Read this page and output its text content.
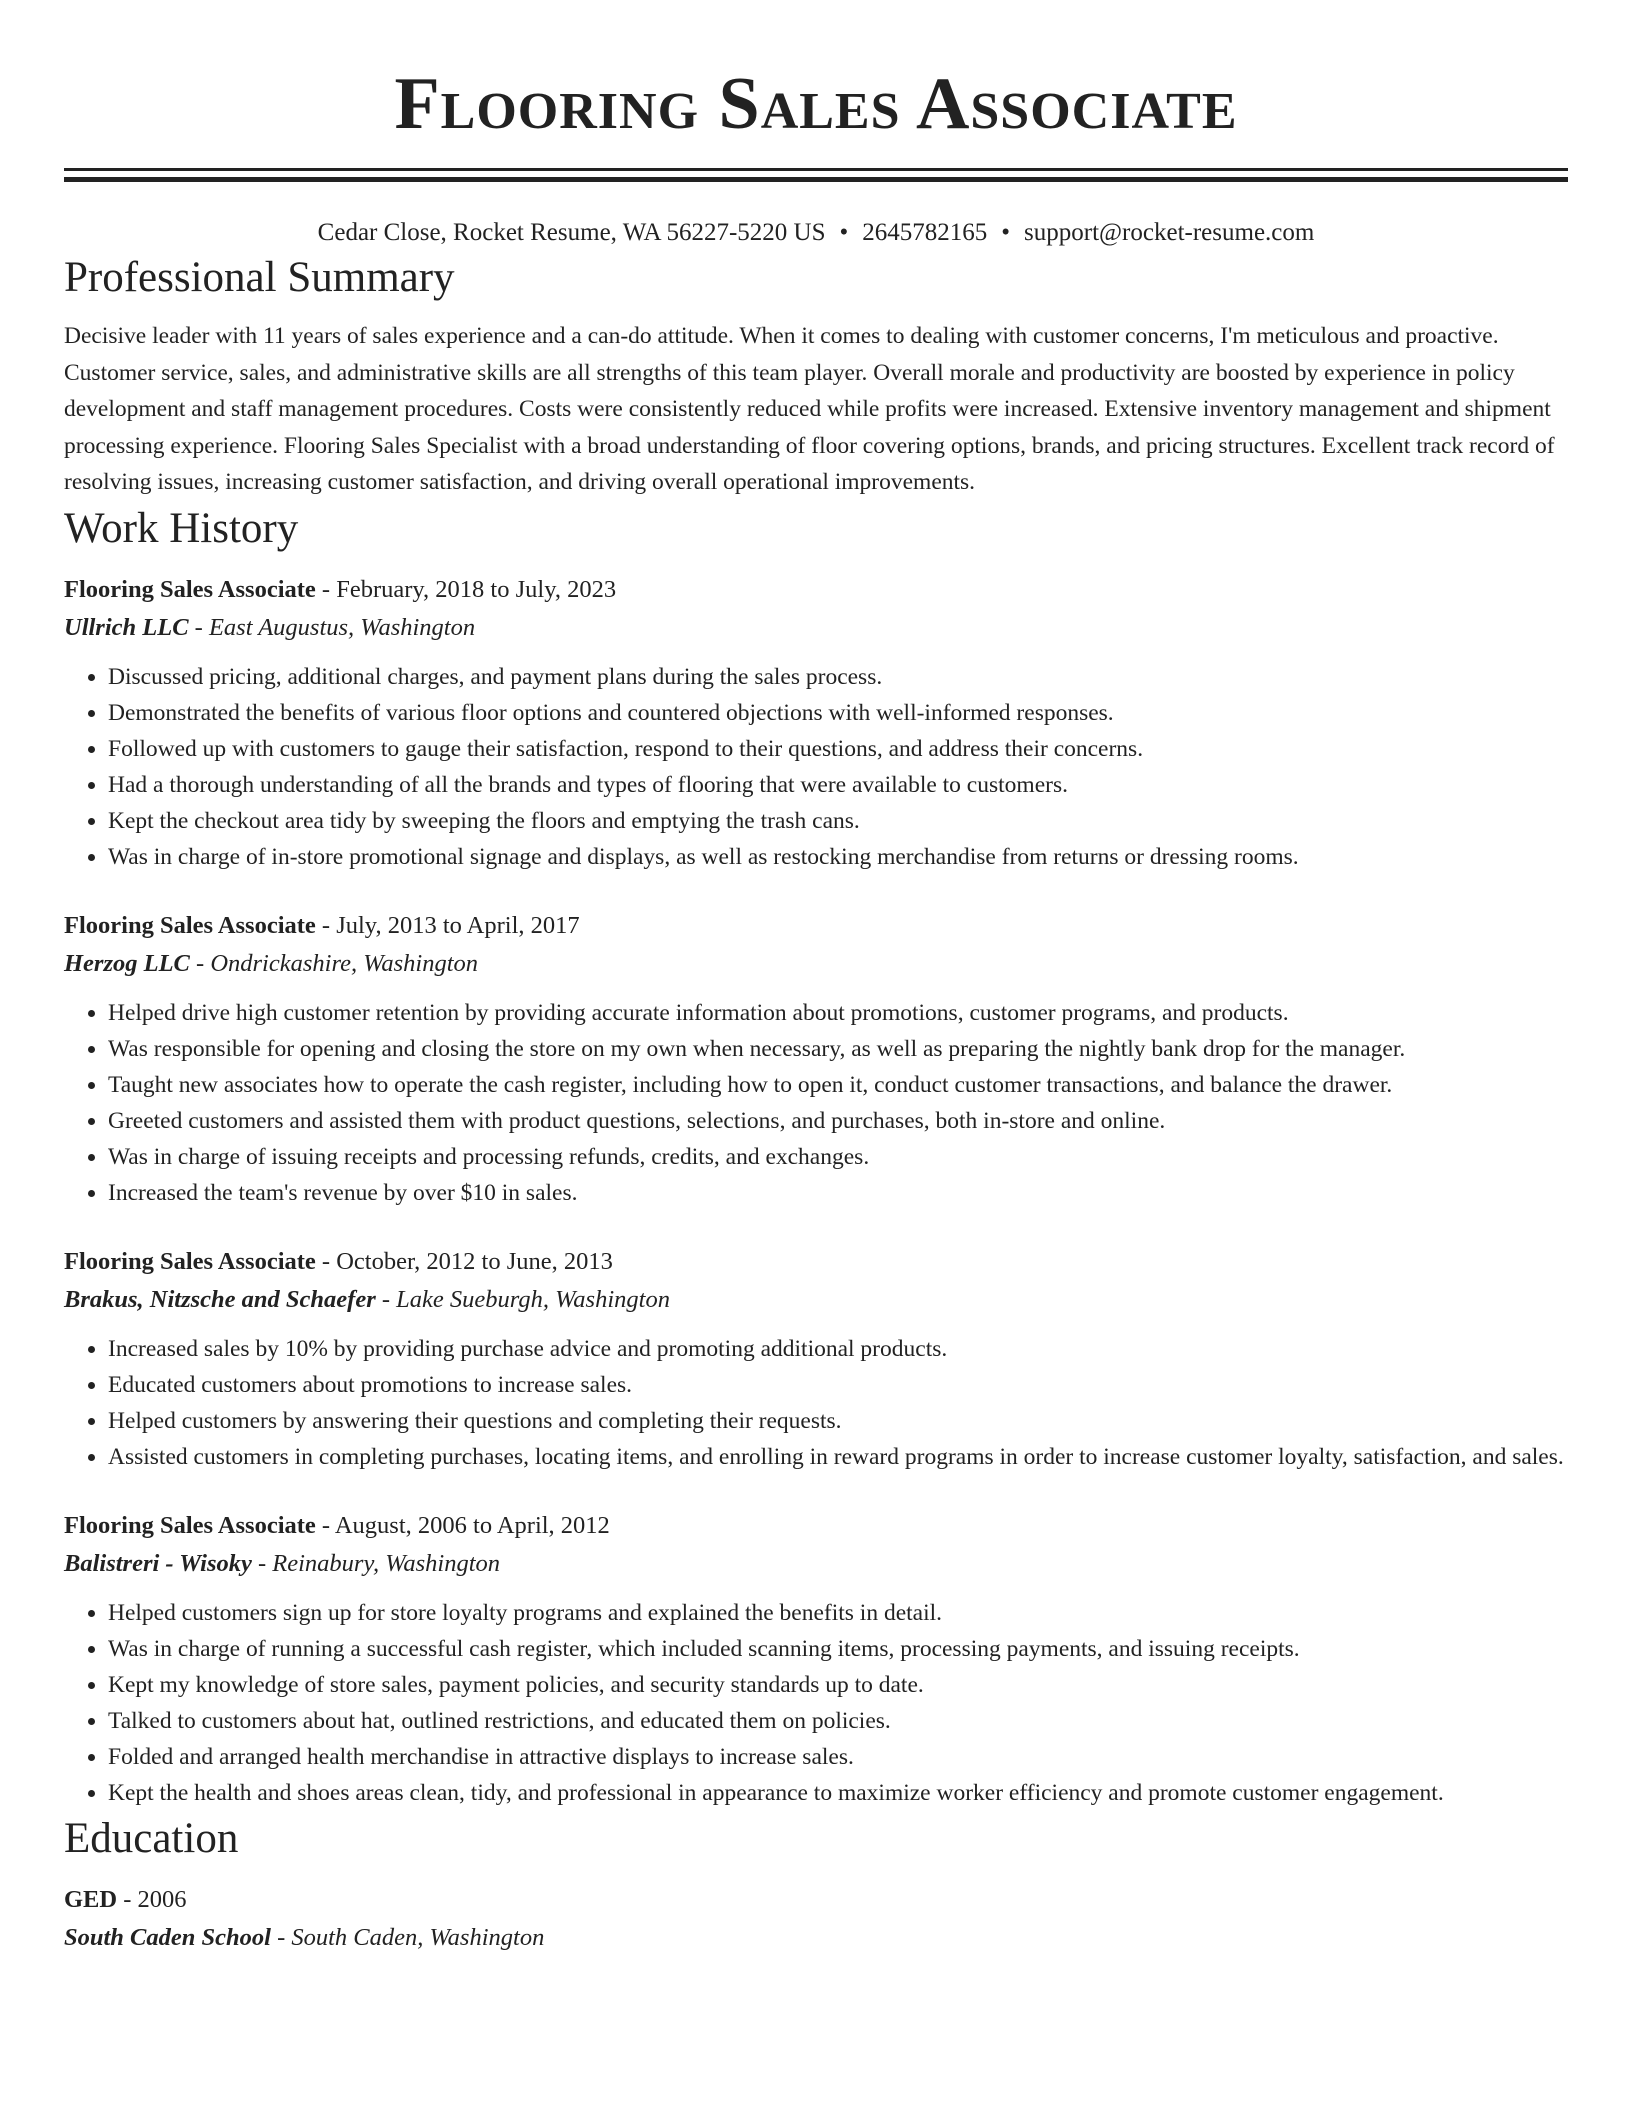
Flooring Sales Associate
Cedar Close, Rocket Resume, WA 56227-5220 US • 2645782165 • support@rocket-resume.com
Professional Summary
Decisive leader with 11 years of sales experience and a can-do attitude. When it comes to dealing with customer concerns, I'm meticulous and proactive. Customer service, sales, and administrative skills are all strengths of this team player. Overall morale and productivity are boosted by experience in policy development and staff management procedures. Costs were consistently reduced while profits were increased. Extensive inventory management and shipment processing experience. Flooring Sales Specialist with a broad understanding of floor covering options, brands, and pricing structures. Excellent track record of resolving issues, increasing customer satisfaction, and driving overall operational improvements.
Work History
Flooring Sales Associate - February, 2018 to July, 2023
Ullrich LLC - East Augustus, Washington
• Discussed pricing, additional charges, and payment plans during the sales process.
• Demonstrated the benefits of various floor options and countered objections with well-informed responses.
• Followed up with customers to gauge their satisfaction, respond to their questions, and address their concerns.
• Had a thorough understanding of all the brands and types of flooring that were available to customers.
• Kept the checkout area tidy by sweeping the floors and emptying the trash cans.
• Was in charge of in-store promotional signage and displays, as well as restocking merchandise from returns or dressing rooms.
Flooring Sales Associate - July, 2013 to April, 2017
Herzog LLC - Ondrickashire, Washington
• Helped drive high customer retention by providing accurate information about promotions, customer programs, and products.
• Was responsible for opening and closing the store on my own when necessary, as well as preparing the nightly bank drop for the manager.
• Taught new associates how to operate the cash register, including how to open it, conduct customer transactions, and balance the drawer.
• Greeted customers and assisted them with product questions, selections, and purchases, both in-store and online.
• Was in charge of issuing receipts and processing refunds, credits, and exchanges.
• Increased the team's revenue by over $10 in sales.
Flooring Sales Associate - October, 2012 to June, 2013
Brakus, Nitzsche and Schaefer - Lake Sueburgh, Washington
• Increased sales by 10% by providing purchase advice and promoting additional products.
• Educated customers about promotions to increase sales.
• Helped customers by answering their questions and completing their requests.
• Assisted customers in completing purchases, locating items, and enrolling in reward programs in order to increase customer loyalty, satisfaction, and sales.
Flooring Sales Associate - August, 2006 to April, 2012
Balistreri - Wisoky - Reinabury, Washington
• Helped customers sign up for store loyalty programs and explained the benefits in detail.
• Was in charge of running a successful cash register, which included scanning items, processing payments, and issuing receipts.
• Kept my knowledge of store sales, payment policies, and security standards up to date.
• Talked to customers about hat, outlined restrictions, and educated them on policies.
• Folded and arranged health merchandise in attractive displays to increase sales.
• Kept the health and shoes areas clean, tidy, and professional in appearance to maximize worker efficiency and promote customer engagement.
Education
GED - 2006
South Caden School - South Caden, Washington
